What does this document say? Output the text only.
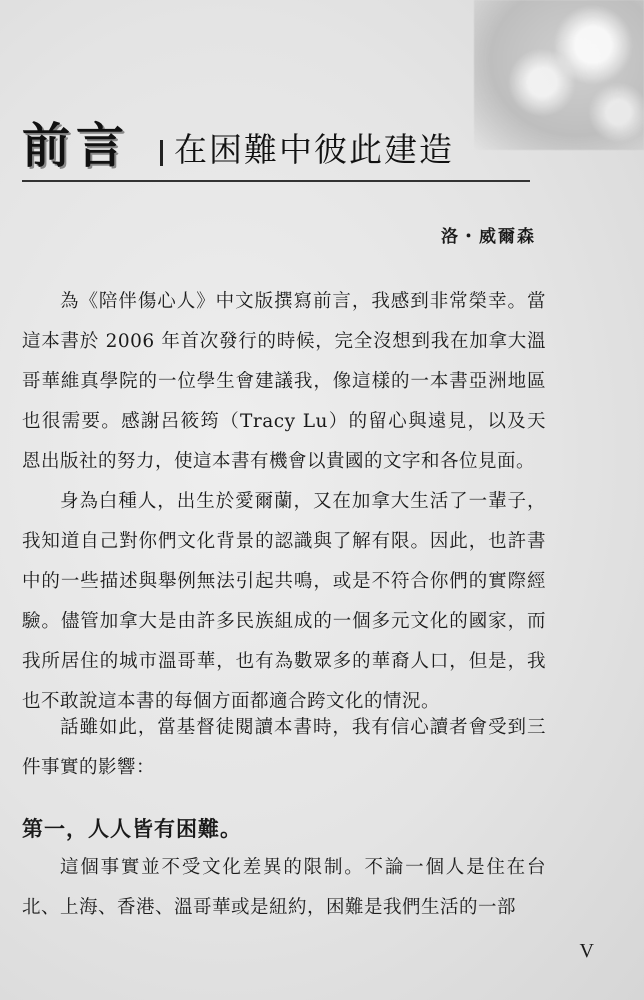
前言 在困難中彼此建造
洛・威爾森

為《陪伴傷心人》中文版撰寫前言，我感到非常榮幸。當這本書於 2006 年首次發行的時候，完全沒想到我在加拿大溫哥華維真學院的一位學生會建議我，像這樣的一本書亞洲地區也很需要。感謝呂筱筠（Tracy Lu）的留心與遠見，以及天恩出版社的努力，使這本書有機會以貴國的文字和各位見面。

身為白種人，出生於愛爾蘭，又在加拿大生活了一輩子，我知道自己對你們文化背景的認識與了解有限。因此，也許書中的一些描述與舉例無法引起共鳴，或是不符合你們的實際經驗。儘管加拿大是由許多民族組成的一個多元文化的國家，而我所居住的城市溫哥華，也有為數眾多的華裔人口，但是，我也不敢說這本書的每個方面都適合跨文化的情況。

話雖如此，當基督徒閱讀本書時，我有信心讀者會受到三件事實的影響：

第一，人人皆有困難。

這個事實並不受文化差異的限制。不論一個人是住在台北、上海、香港、溫哥華或是紐約，困難是我們生活的一部

V
